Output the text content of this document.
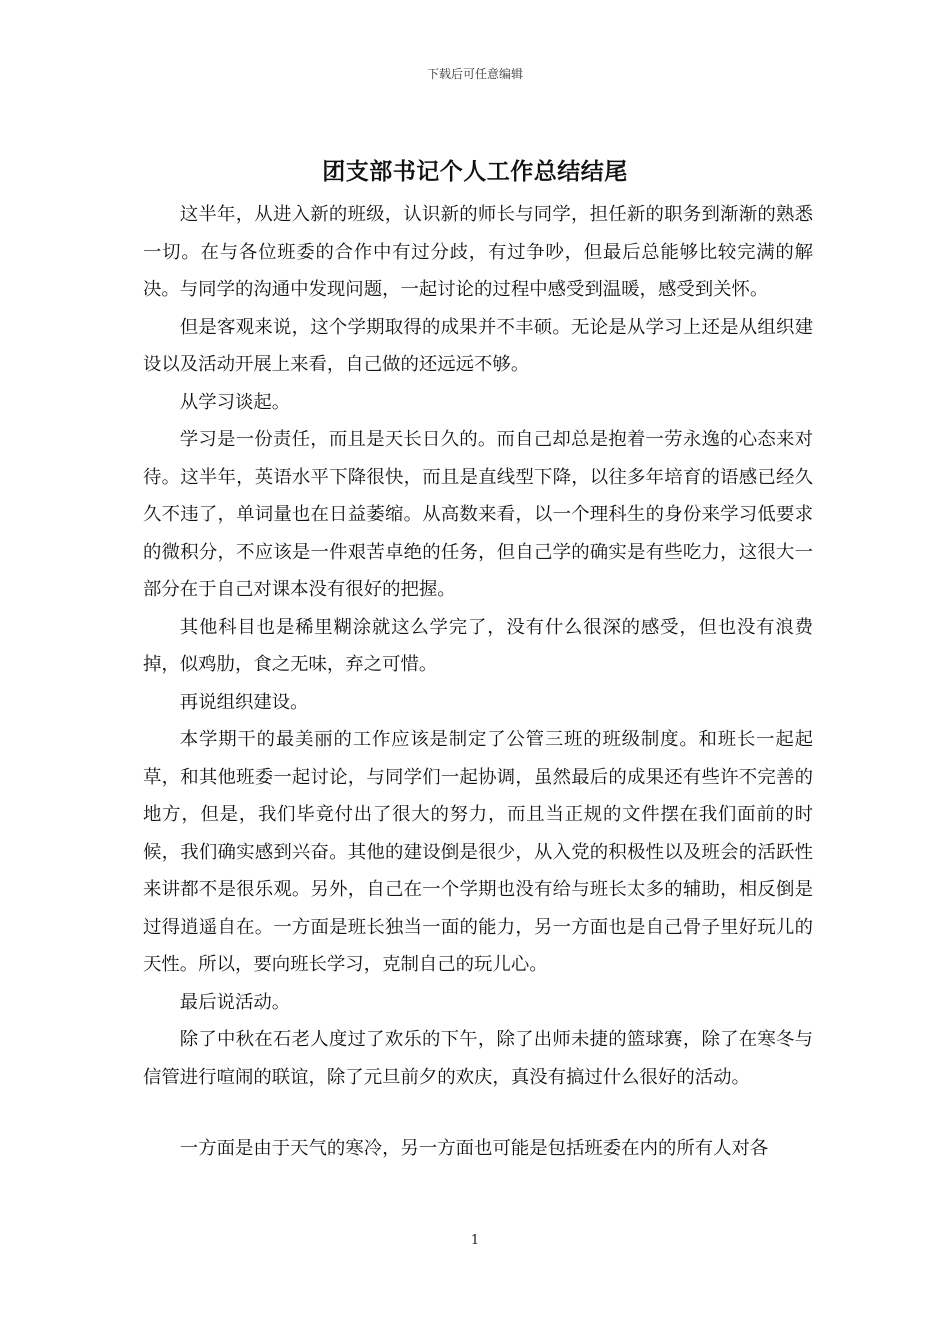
下载后可任意编辑
团支部书记个人工作总结结尾

这半年，从进入新的班级，认识新的师长与同学，担任新的职务到渐渐的熟悉一切。在与各位班委的合作中有过分歧，有过争吵，但最后总能够比较完满的解决。与同学的沟通中发现问题，一起讨论的过程中感受到温暖，感受到关怀。

但是客观来说，这个学期取得的成果并不丰硕。无论是从学习上还是从组织建设以及活动开展上来看，自己做的还远远不够。

从学习谈起。

学习是一份责任，而且是天长日久的。而自己却总是抱着一劳永逸的心态来对待。这半年，英语水平下降很快，而且是直线型下降，以往多年培育的语感已经久久不违了，单词量也在日益萎缩。从高数来看，以一个理科生的身份来学习低要求的微积分，不应该是一件艰苦卓绝的任务，但自己学的确实是有些吃力，这很大一部分在于自己对课本没有很好的把握。

其他科目也是稀里糊涂就这么学完了，没有什么很深的感受，但也没有浪费掉，似鸡肋，食之无味，弃之可惜。

再说组织建设。

本学期干的最美丽的工作应该是制定了公管三班的班级制度。和班长一起起草，和其他班委一起讨论，与同学们一起协调，虽然最后的成果还有些许不完善的地方，但是，我们毕竟付出了很大的努力，而且当正规的文件摆在我们面前的时候，我们确实感到兴奋。其他的建设倒是很少，从入党的积极性以及班会的活跃性来讲都不是很乐观。另外，自己在一个学期也没有给与班长太多的辅助，相反倒是过得逍遥自在。一方面是班长独当一面的能力，另一方面也是自己骨子里好玩儿的天性。所以，要向班长学习，克制自己的玩儿心。

最后说活动。

除了中秋在石老人度过了欢乐的下午，除了出师未捷的篮球赛，除了在寒冬与信管进行喧闹的联谊，除了元旦前夕的欢庆，真没有搞过什么很好的活动。

一方面是由于天气的寒冷，另一方面也可能是包括班委在内的所有人对各

1
